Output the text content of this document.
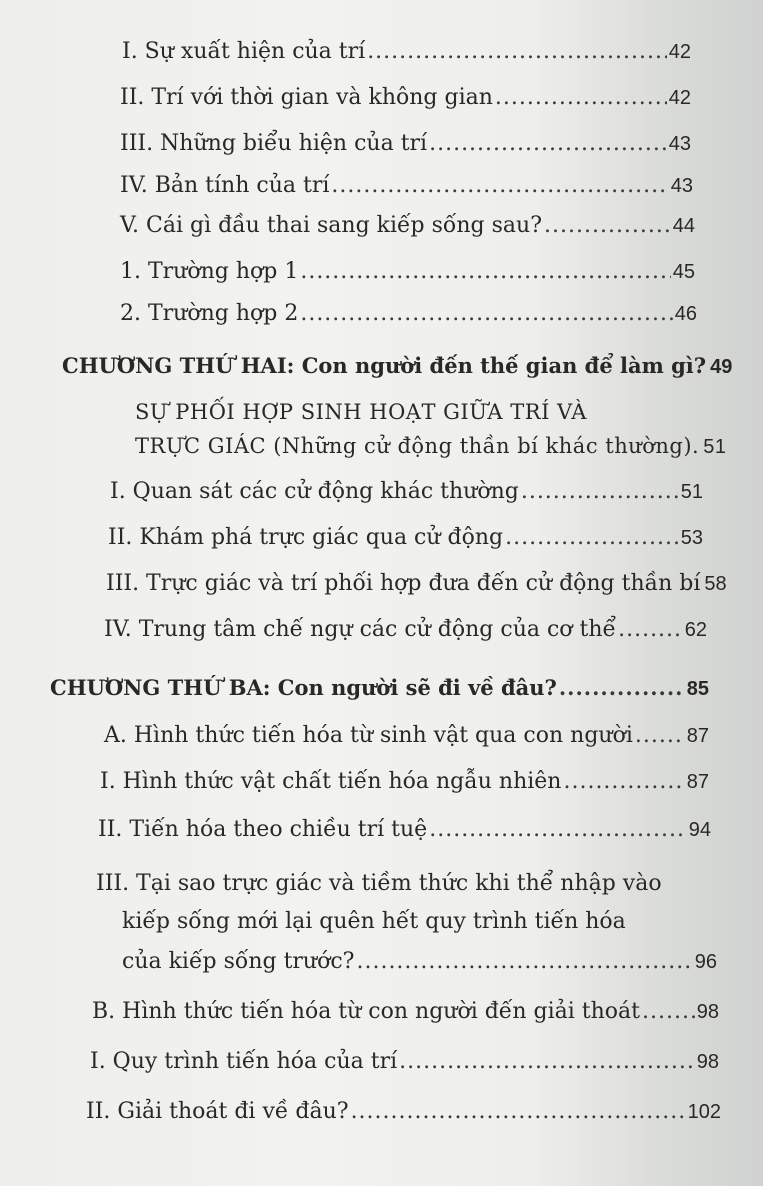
I. Sự xuất hiện của trí .....	42
II. Trí với thời gian và không gian .....	42
III. Những biểu hiện của trí .....	43
IV. Bản tính của trí .....	43
V. Cái gì đầu thai sang kiếp sống sau? .....	44
1. Trường hợp 1 .....	45
2. Trường hợp 2 .....	46
CHƯƠNG THỨ HAI: Con người đến thế gian để làm gì? 49
SỰ PHỐI HỢP SINH HOẠT GIỮA TRÍ VÀ
TRỰC GIÁC (Những cử động thần bí khác thường). 51
I. Quan sát các cử động khác thường .....	51
II. Khám phá trực giác qua cử động .....	53
III. Trực giác và trí phối hợp đưa đến cử động thần bí 58
IV. Trung tâm chế ngự các cử động của cơ thể .....	62
CHƯƠNG THỨ BA: Con người sẽ đi về đâu? .....	85
A. Hình thức tiến hóa từ sinh vật qua con người .....	87
I. Hình thức vật chất tiến hóa ngẫu nhiên .....	87
II. Tiến hóa theo chiều trí tuệ .....	94
III. Tại sao trực giác và tiềm thức khi thể nhập vào
kiếp sống mới lại quên hết quy trình tiến hóa
của kiếp sống trước? .....	96
B. Hình thức tiến hóa từ con người đến giải thoát .....	98
I. Quy trình tiến hóa của trí .....	98
II. Giải thoát đi về đâu? .....	102
